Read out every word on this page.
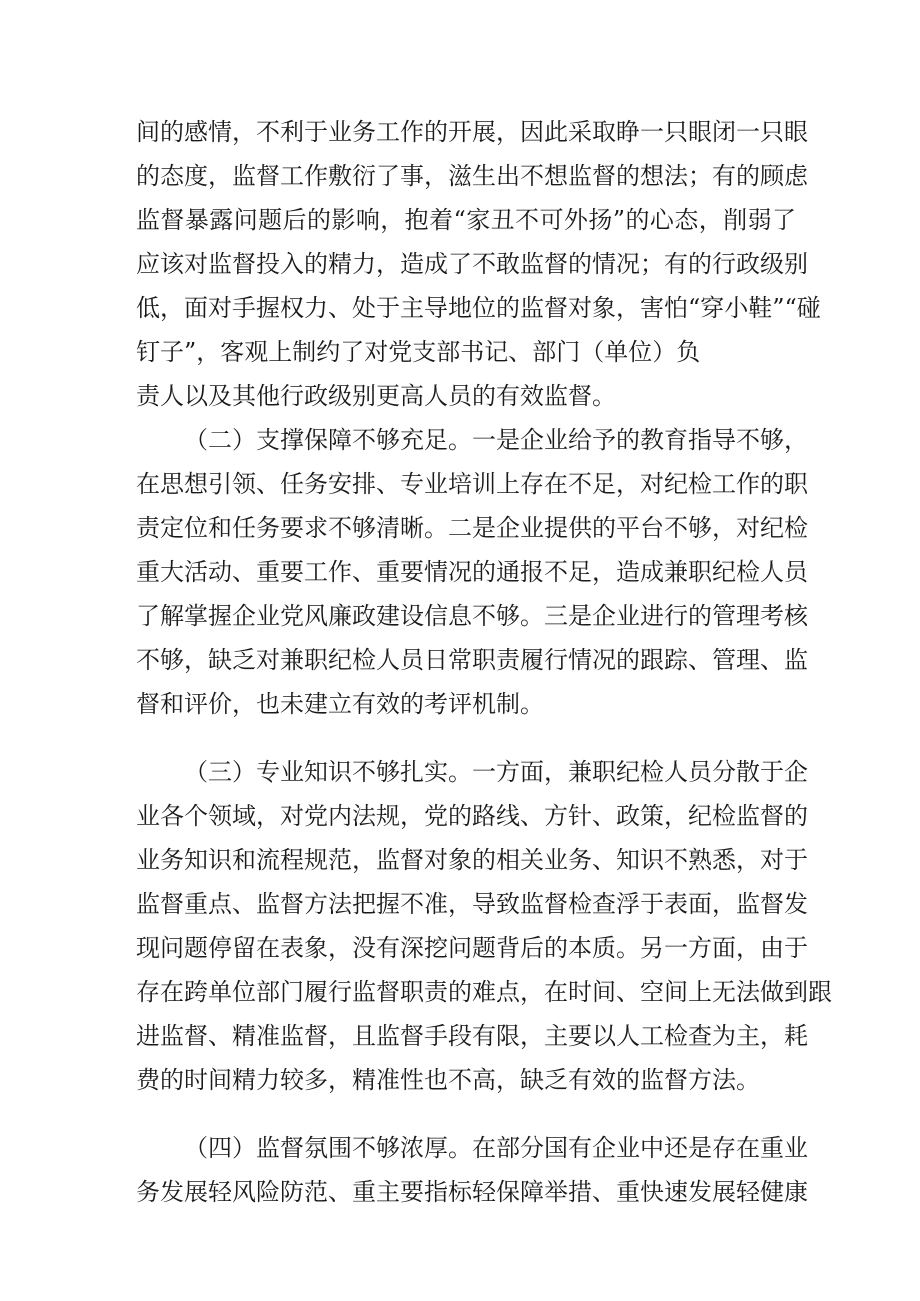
间的感情，不利于业务工作的开展，因此采取睁一只眼闭一只眼
的态度，监督工作敷衍了事，滋生出不想监督的想法；有的顾虑
监督暴露问题后的影响，抱着“家丑不可外扬”的心态，削弱了
应该对监督投入的精力，造成了不敢监督的情况；有的行政级别
低，面对手握权力、处于主导地位的监督对象，害怕“穿小鞋”“碰
钉子”，客观上制约了对党支部书记、部门（单位）负
责人以及其他行政级别更高人员的有效监督。
（二）支撑保障不够充足。一是企业给予的教育指导不够，
在思想引领、任务安排、专业培训上存在不足，对纪检工作的职
责定位和任务要求不够清晰。二是企业提供的平台不够，对纪检
重大活动、重要工作、重要情况的通报不足，造成兼职纪检人员
了解掌握企业党风廉政建设信息不够。三是企业进行的管理考核
不够，缺乏对兼职纪检人员日常职责履行情况的跟踪、管理、监
督和评价，也未建立有效的考评机制。
（三）专业知识不够扎实。一方面，兼职纪检人员分散于企
业各个领域，对党内法规，党的路线、方针、政策，纪检监督的
业务知识和流程规范，监督对象的相关业务、知识不熟悉，对于
监督重点、监督方法把握不准，导致监督检查浮于表面，监督发
现问题停留在表象，没有深挖问题背后的本质。另一方面，由于
存在跨单位部门履行监督职责的难点，在时间、空间上无法做到跟
进监督、精准监督，且监督手段有限，主要以人工检查为主，耗
费的时间精力较多，精准性也不高，缺乏有效的监督方法。
（四）监督氛围不够浓厚。在部分国有企业中还是存在重业
务发展轻风险防范、重主要指标轻保障举措、重快速发展轻健康
